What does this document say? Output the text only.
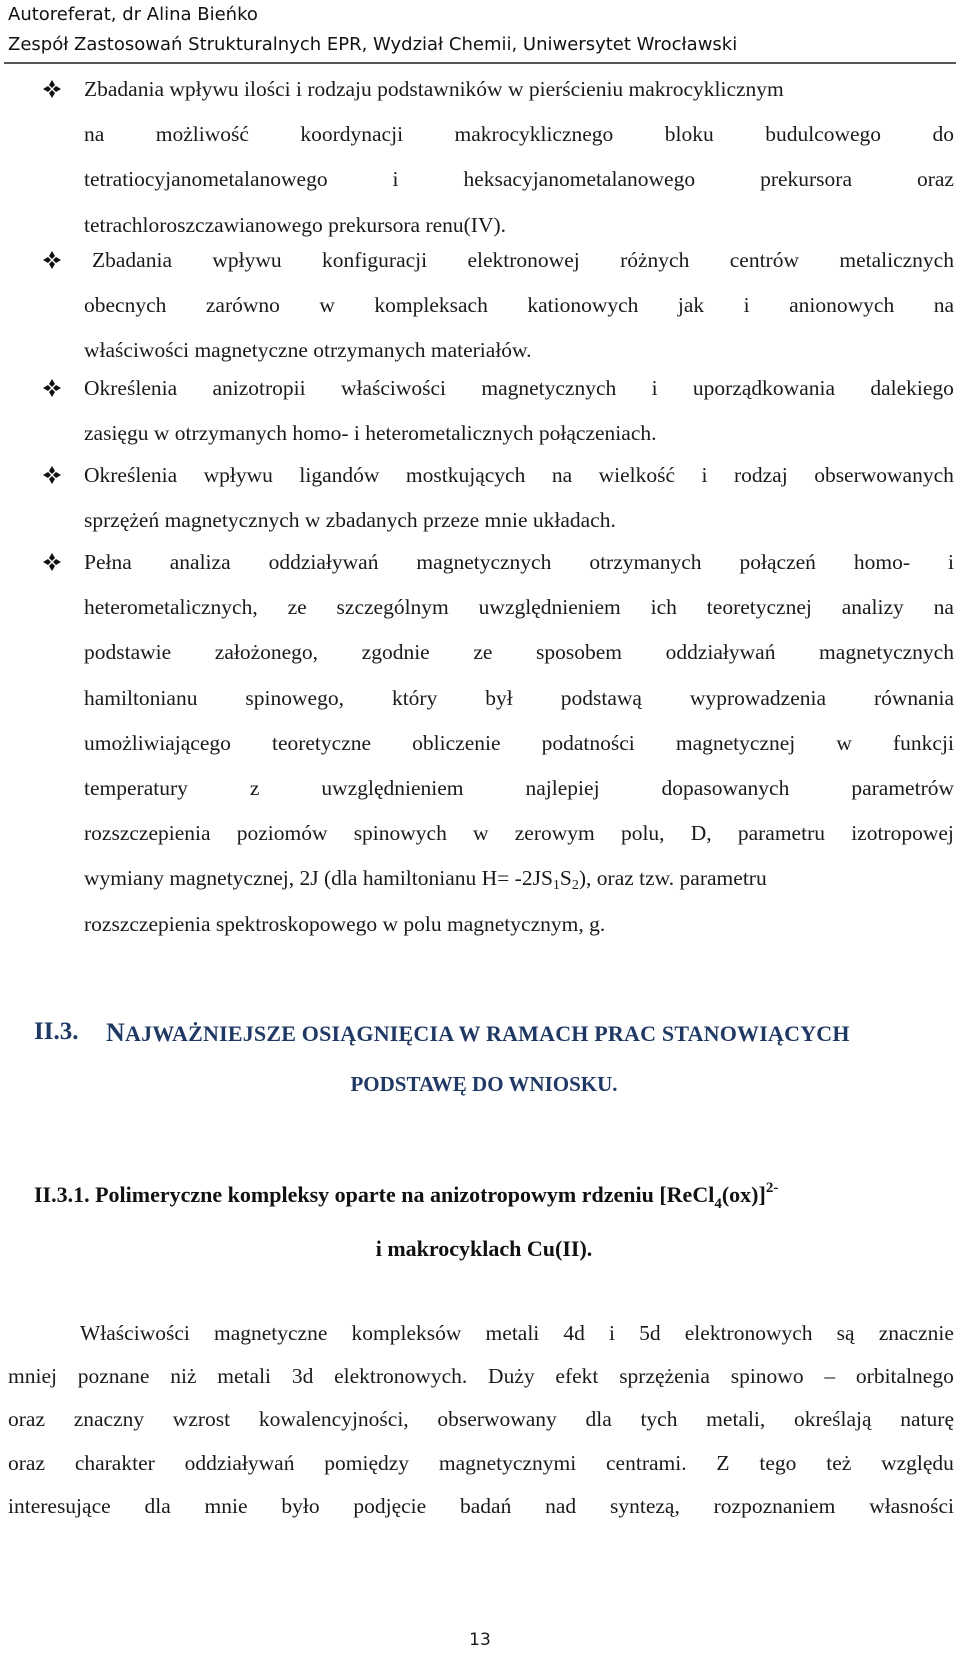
Autoreferat, dr Alina Bieńko
Zespół Zastosowań Strukturalnych EPR, Wydział Chemii, Uniwersytet Wrocławski
Zbadania wpływu ilości i rodzaju podstawników w pierścieniu makrocyklicznym
na możliwość koordynacji makrocyklicznego bloku budulcowego do
tetratiocyjanometalanowego	i	heksacyjanometalanowego	prekursora	oraz
tetrachloroszczawianowego prekursora renu(IV).
Zbadania wpływu konfiguracji elektronowej różnych centrów metalicznych
obecnych zarówno w kompleksach kationowych jak i anionowych na
właściwości magnetyczne otrzymanych materiałów.
Określenia anizotropii właściwości magnetycznych i uporządkowania dalekiego
zasięgu w otrzymanych homo- i heterometalicznych połączeniach.
Określenia wpływu ligandów mostkujących na wielkość i rodzaj obserwowanych
sprzężeń magnetycznych w zbadanych przeze mnie układach.
Pełna analiza oddziaływań magnetycznych otrzymanych połączeń homo- i
heterometalicznych, ze szczególnym uwzględnieniem ich teoretycznej analizy na
podstawie założonego, zgodnie ze sposobem oddziaływań magnetycznych
hamiltonianu spinowego, który był podstawą wyprowadzenia równania
umożliwiającego teoretyczne obliczenie podatności magnetycznej w funkcji
temperatury	z	uwzględnieniem	najlepiej	dopasowanych	parametrów
rozszczepienia poziomów spinowych w zerowym polu, D, parametru izotropowej
wymiany magnetycznej, 2J (dla hamiltonianu $H= -2JS_1S_2$), oraz tzw. parametru
rozszczepienia spektroskopowego w polu magnetycznym, g.
II.3. NAJWAŻNIEJSZE OSIĄGNIĘCIA W RAMACH PRAC STANOWIĄCYCH
PODSTAWĘ DO WNIOSKU.
II.3.1. Polimeryczne kompleksy oparte na anizotropowym rdzeniu [ReCl$_4$(ox)]$^{2-}$
i makrocyklach Cu(II).
Właściwości magnetyczne kompleksów metali 4d i 5d elektronowych są znacznie
mniej poznane niż metali 3d elektronowych. Duży efekt sprzężenia spinowo – orbitalnego
oraz znaczny wzrost kowalencyjności, obserwowany dla tych metali, określają naturę
oraz charakter oddziaływań pomiędzy magnetycznymi centrami. Z tego też względu
interesujące dla mnie było podjęcie badań nad syntezą, rozpoznaniem własności
13
